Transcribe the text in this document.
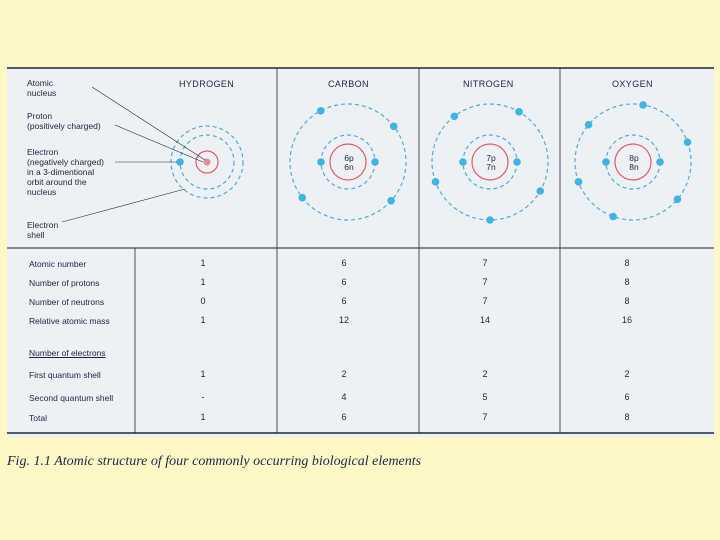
Atomic
nucleus
Proton
(positively charged)
Electron
(negatively charged)
in a 3-dimentional
orbit around the
nucleus
Electron
shell
HYDROGEN	CARBON	NITROGEN	OXYGEN
6p
6n
7p
7n
8p
8n
Atomic number	1	6	7	8
Number of protons	1	6	7	8
Number of neutrons	0	6	7	8
Relative atomic mass	1	12	14	16
Number of electrons
First quantum shell	1	2	2	2
Second quantum shell	-	4	5	6
Total	1	6	7	8
Fig. 1.1 Atomic structure of four commonly occurring biological elements
